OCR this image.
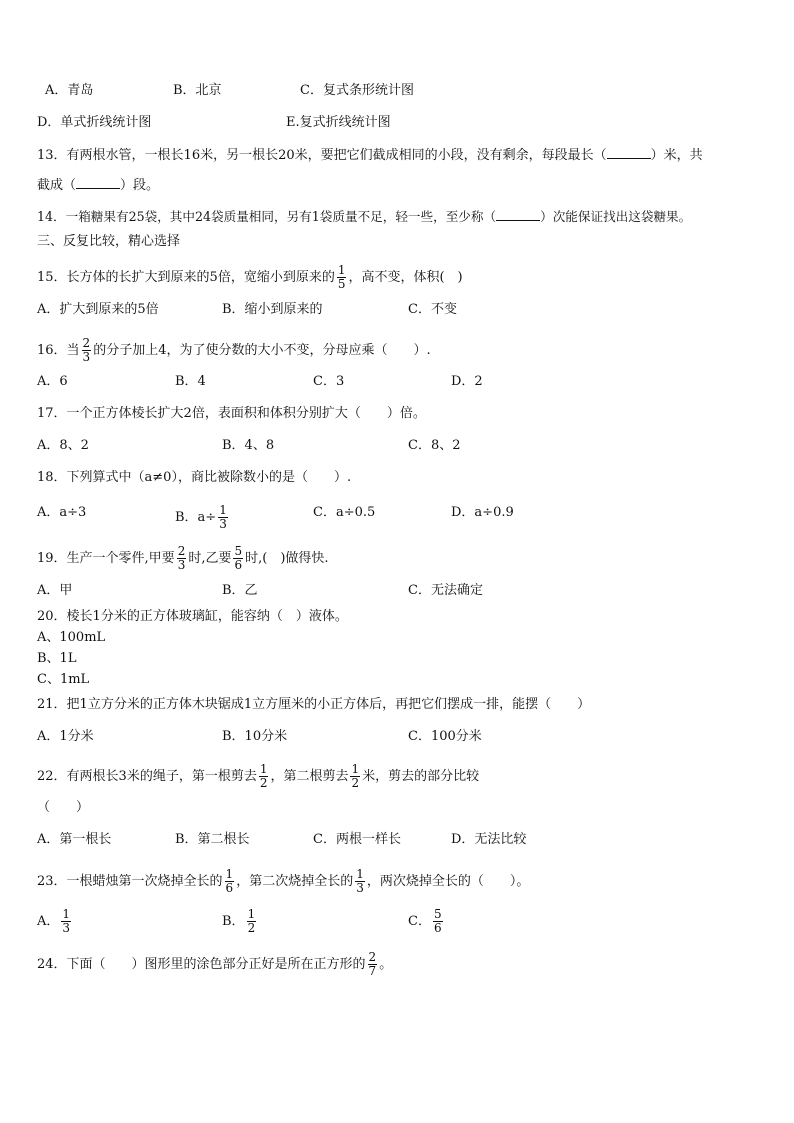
A．青岛	B．北京	C．复式条形统计图
D．单式折线统计图	E.复式折线统计图
13．有两根水管，一根长16米，另一根长20米，要把它们截成相同的小段，没有剩余，每段最长（	）米，共
截成（	）段。
14．一箱糖果有25袋，其中24袋质量相同，另有1袋质量不足，轻一些，至少称（	）次能保证找出这袋糖果。
三、反复比较，精心选择
15．长方体的长扩大到原来的5倍，宽缩小到原来的 $\frac{1}{5}$ ，高不变，体积(　)
A．扩大到原来的5倍	B．缩小到原来的	C．不变
16．当 $\frac{2}{3}$ 的分子加上4，为了使分数的大小不变，分母应乘（　　）.
A．6	B．4	C．3	D．2
17．一个正方体棱长扩大2倍，表面积和体积分别扩大（　　）倍。
A．8、2	B．4、8	C．8、2
18．下列算式中（a≠0），商比被除数小的是（　　）.
A．a÷3	B．$a\div \frac{1}{3}$	C．a÷0.5	D．a÷0.9
19．生产一个零件,甲要 $\frac{2}{3}$ 时,乙要 $\frac{5}{6}$ 时,(　)做得快.
A．甲	B．乙	C．无法确定
20．棱长1分米的正方体玻璃缸，能容纳（　）液体。
A、100mL
B、1L
C、1mL
21．把1立方分米的正方体木块锯成1立方厘米的小正方体后，再把它们摆成一排，能摆（　　）
A．1分米	B．10分米	C．100分米
22．有两根长3米的绳子，第一根剪去 $\frac{1}{2}$ ，第二根剪去 $\frac{1}{2}$ 米，剪去的部分比较
（　　）
A．第一根长	B．第二根长	C．两根一样长	D．无法比较
23．一根蜡烛第一次烧掉全长的 $\frac{1}{6}$ ，第二次烧掉全长的 $\frac{1}{3}$ ，两次烧掉全长的（　　）。
A． $\frac{1}{3}$	B． $\frac{1}{2}$	C． $\frac{5}{6}$
24．下面（　　）图形里的涂色部分正好是所在正方形的 $\frac{2}{7}$ 。
